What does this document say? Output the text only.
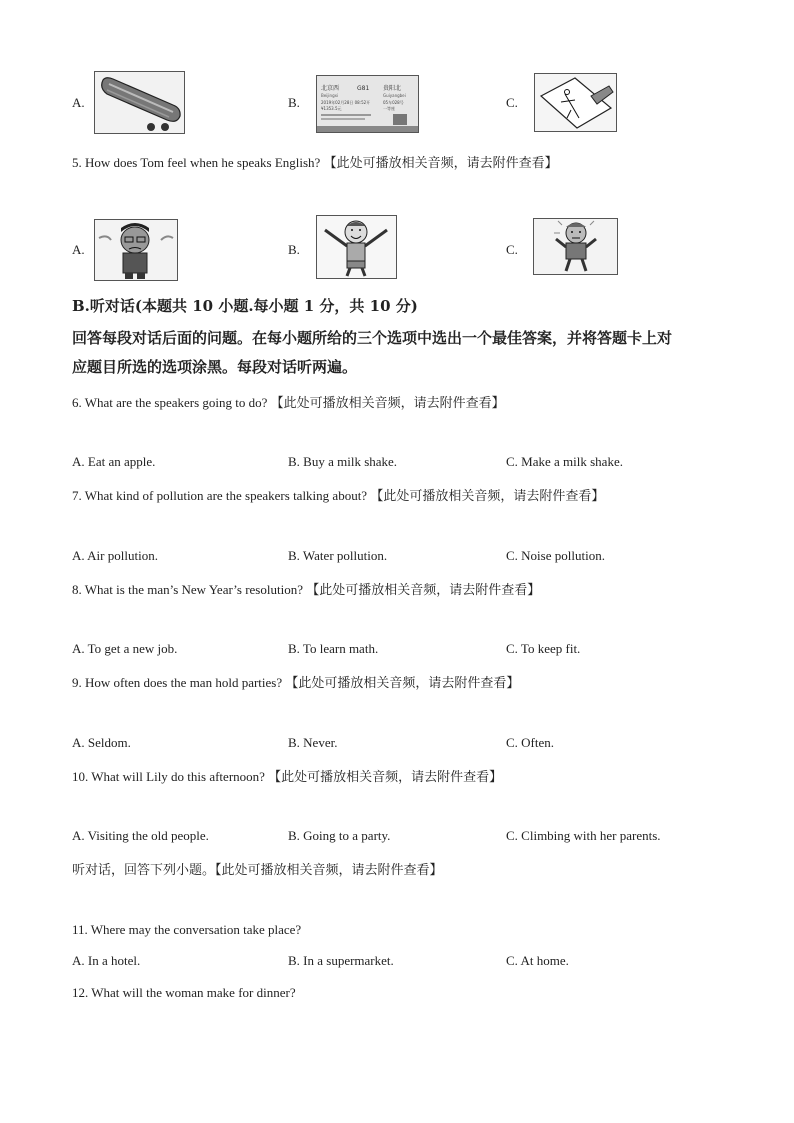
A.	B.
北京西	G81 贵阳北
Beijingxi	Guiyangbei
2019年02月28日 08:52开	05车028号
¥1353.5元	一等座	C.
5. How does Tom feel when he speaks English? 【此处可播放相关音频，请去附件查看】
A.	B.	C.
B.听对话(本题共 10 小题.每小题 1 分，共 10 分)
回答每段对话后面的问题。在每小题所给的三个选项中选出一个最佳答案，并将答题卡上对
应题目所选的选项涂黑。每段对话听两遍。
6. What are the speakers going to do? 【此处可播放相关音频，请去附件查看】
A. Eat an apple.	B. Buy a milk shake.	C. Make a milk shake.
7. What kind of pollution are the speakers talking about? 【此处可播放相关音频，请去附件查看】
A. Air pollution.	B. Water pollution.	C. Noise pollution.
8. What is the man’s New Year’s resolution? 【此处可播放相关音频，请去附件查看】
A. To get a new job.	B. To learn math.	C. To keep fit.
9. How often does the man hold parties? 【此处可播放相关音频，请去附件查看】
A. Seldom.	B. Never.	C. Often.
10. What will Lily do this afternoon? 【此处可播放相关音频，请去附件查看】
A. Visiting the old people.	B. Going to a party.	C. Climbing with her parents.
听对话，回答下列小题。【此处可播放相关音频，请去附件查看】
11. Where may the conversation take place?
A. In a hotel.	B. In a supermarket.	C. At home.
12. What will the woman make for dinner?
